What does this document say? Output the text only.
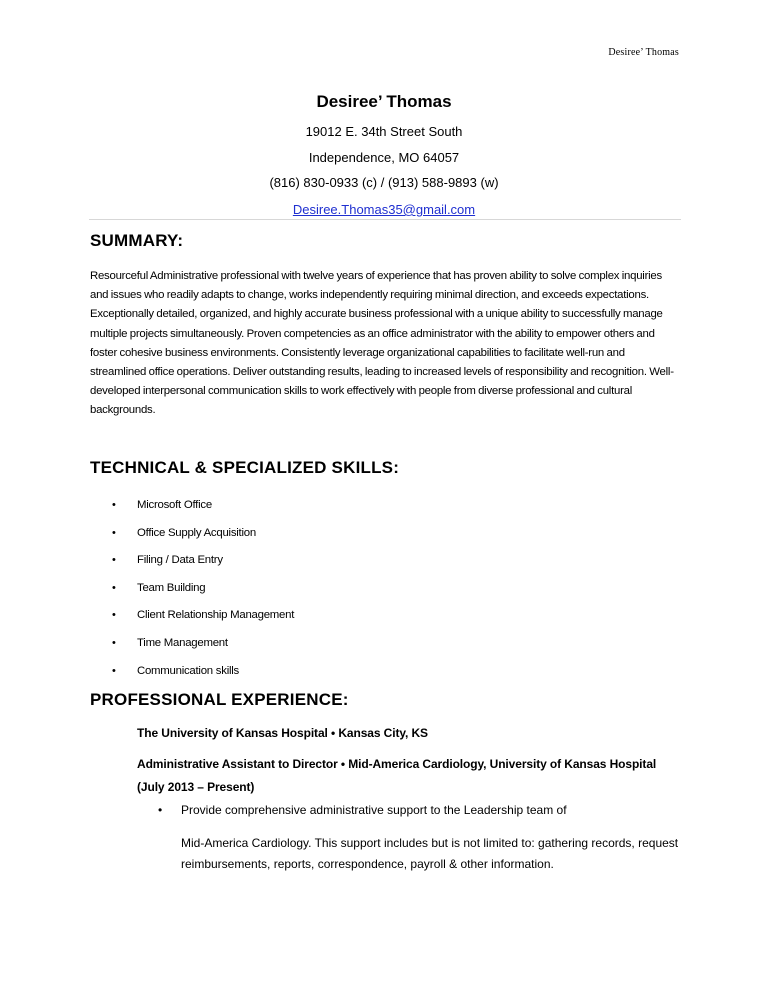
Desiree’ Thomas
Desiree’ Thomas
19012 E. 34th Street South
Independence, MO 64057
(816) 830-0933 (c) / (913) 588-9893 (w)
Desiree.Thomas35@gmail.com
SUMMARY:
Resourceful Administrative professional with twelve years of experience that has proven ability to solve complex inquiries and issues who readily adapts to change, works independently requiring minimal direction, and exceeds expectations. Exceptionally detailed, organized, and highly accurate business professional with a unique ability to successfully manage multiple projects simultaneously. Proven competencies as an office administrator with the ability to empower others and foster cohesive business environments. Consistently leverage organizational capabilities to facilitate well-run and streamlined office operations. Deliver outstanding results, leading to increased levels of responsibility and recognition. Well-developed interpersonal communication skills to work effectively with people from diverse professional and cultural backgrounds.
TECHNICAL & SPECIALIZED SKILLS:
• Microsoft Office
• Office Supply Acquisition
• Filing / Data Entry
• Team Building
• Client Relationship Management
• Time Management
• Communication skills
PROFESSIONAL EXPERIENCE:
The University of Kansas Hospital • Kansas City, KS
Administrative Assistant to Director • Mid-America Cardiology, University of Kansas Hospital (July 2013 – Present)
• Provide comprehensive administrative support to the Leadership team of
Mid-America Cardiology. This support includes but is not limited to: gathering records, request reimbursements, reports, correspondence, payroll & other information.
